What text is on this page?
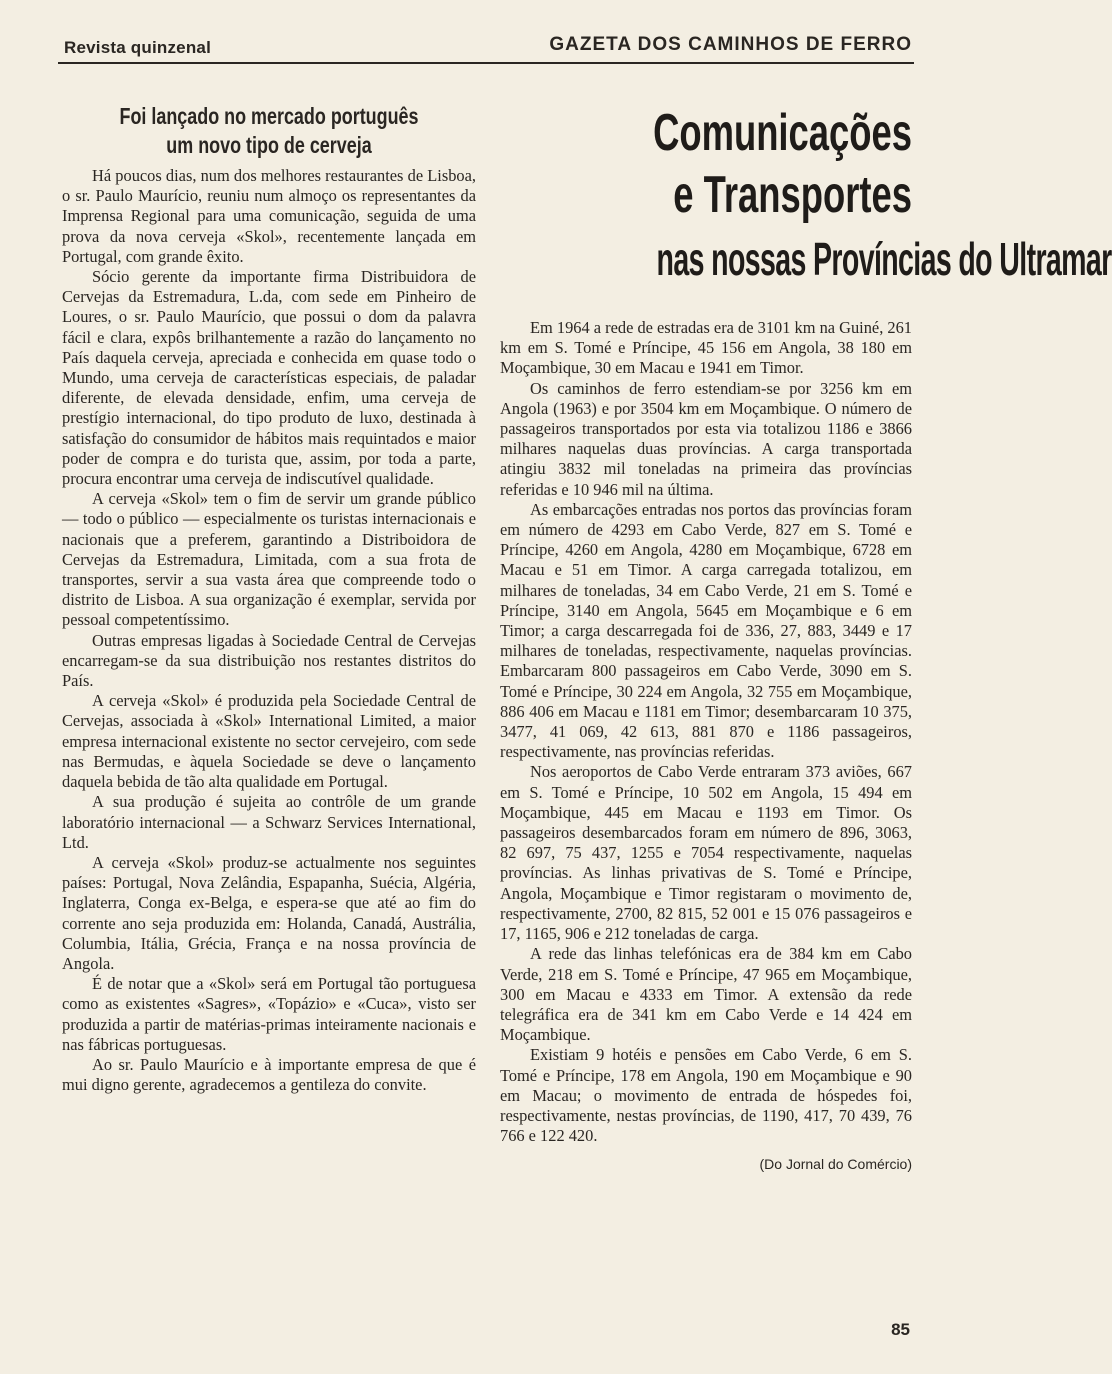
Revista quinzenal	GAZETA DOS CAMINHOS DE FERRO
Foi lançado no mercado português
um novo tipo de cerveja

Há poucos dias, num dos melhores restaurantes de Lisboa, o sr. Paulo Maurício, reuniu num almoço os representantes da Imprensa Regional para uma comunicação, seguida de uma prova da nova cerveja «Skol», recentemente lançada em Portugal, com grande êxito.

Sócio gerente da importante firma Distribuidora de Cervejas da Estremadura, L.da, com sede em Pinheiro de Loures, o sr. Paulo Maurício, que possui o dom da palavra fácil e clara, expôs brilhantemente a razão do lançamento no País daquela cerveja, apreciada e conhecida em quase todo o Mundo, uma cerveja de características especiais, de paladar diferente, de elevada densidade, enfim, uma cerveja de prestígio internacional, do tipo produto de luxo, destinada à satisfação do consumidor de hábitos mais requintados e maior poder de compra e do turista que, assim, por toda a parte, procura encontrar uma cerveja de indiscutível qualidade.

A cerveja «Skol» tem o fim de servir um grande público — todo o público — especialmente os turistas internacionais e nacionais que a preferem, garantindo a Distriboidora de Cervejas da Estremadura, Limitada, com a sua frota de transportes, servir a sua vasta área que compreende todo o distrito de Lisboa. A sua organização é exemplar, servida por pessoal competentíssimo.

Outras empresas ligadas à Sociedade Central de Cervejas encarregam-se da sua distribuição nos restantes distritos do País.

A cerveja «Skol» é produzida pela Sociedade Central de Cervejas, associada à «Skol» International Limited, a maior empresa internacional existente no sector cervejeiro, com sede nas Bermudas, e àquela Sociedade se deve o lançamento daquela bebida de tão alta qualidade em Portugal.

A sua produção é sujeita ao contrôle de um grande laboratório internacional — a Schwarz Services International, Ltd.

A cerveja «Skol» produz-se actualmente nos seguintes países: Portugal, Nova Zelândia, Espapanha, Suécia, Algéria, Inglaterra, Conga ex-Belga, e espera-se que até ao fim do corrente ano seja produzida em: Holanda, Canadá, Austrália, Columbia, Itália, Grécia, França e na nossa província de Angola.

É de notar que a «Skol» será em Portugal tão portuguesa como as existentes «Sagres», «Topázio» e «Cuca», visto ser produzida a partir de matérias-primas inteiramente nacionais e nas fábricas portuguesas.

Ao sr. Paulo Maurício e à importante empresa de que é mui digno gerente, agradecemos a gentileza do convite.

Comunicações
e Transportes
nas nossas Províncias do Ultramar

Em 1964 a rede de estradas era de 3101 km na Guiné, 261 km em S. Tomé e Príncipe, 45 156 em Angola, 38 180 em Moçambique, 30 em Macau e 1941 em Timor.

Os caminhos de ferro estendiam-se por 3256 km em Angola (1963) e por 3504 km em Moçambique. O número de passageiros transportados por esta via totalizou 1186 e 3866 milhares naquelas duas províncias. A carga transportada atingiu 3832 mil toneladas na primeira das províncias referidas e 10 946 mil na última.

As embarcações entradas nos portos das províncias foram em número de 4293 em Cabo Verde, 827 em S. Tomé e Príncipe, 4260 em Angola, 4280 em Moçambique, 6728 em Macau e 51 em Timor. A carga carregada totalizou, em milhares de toneladas, 34 em Cabo Verde, 21 em S. Tomé e Príncipe, 3140 em Angola, 5645 em Moçambique e 6 em Timor; a carga descarregada foi de 336, 27, 883, 3449 e 17 milhares de toneladas, respectivamente, naquelas províncias. Embarcaram 800 passageiros em Cabo Verde, 3090 em S. Tomé e Príncipe, 30 224 em Angola, 32 755 em Moçambique, 886 406 em Macau e 1181 em Timor; desembarcaram 10 375, 3477, 41 069, 42 613, 881 870 e 1186 passageiros, respectivamente, nas províncias referidas.

Nos aeroportos de Cabo Verde entraram 373 aviões, 667 em S. Tomé e Príncipe, 10 502 em Angola, 15 494 em Moçambique, 445 em Macau e 1193 em Timor. Os passageiros desembarcados foram em número de 896, 3063, 82 697, 75 437, 1255 e 7054 respectivamente, naquelas províncias. As linhas privativas de S. Tomé e Príncipe, Angola, Moçambique e Timor registaram o movimento de, respectivamente, 2700, 82 815, 52 001 e 15 076 passageiros e 17, 1165, 906 e 212 toneladas de carga.

A rede das linhas telefónicas era de 384 km em Cabo Verde, 218 em S. Tomé e Príncipe, 47 965 em Moçambique, 300 em Macau e 4333 em Timor. A extensão da rede telegráfica era de 341 km em Cabo Verde e 14 424 em Moçambique.

Existiam 9 hotéis e pensões em Cabo Verde, 6 em S. Tomé e Príncipe, 178 em Angola, 190 em Moçambique e 90 em Macau; o movimento de entrada de hóspedes foi, respectivamente, nestas províncias, de 1190, 417, 70 439, 76 766 e 122 420.

(Do Jornal do Comércio)
85
